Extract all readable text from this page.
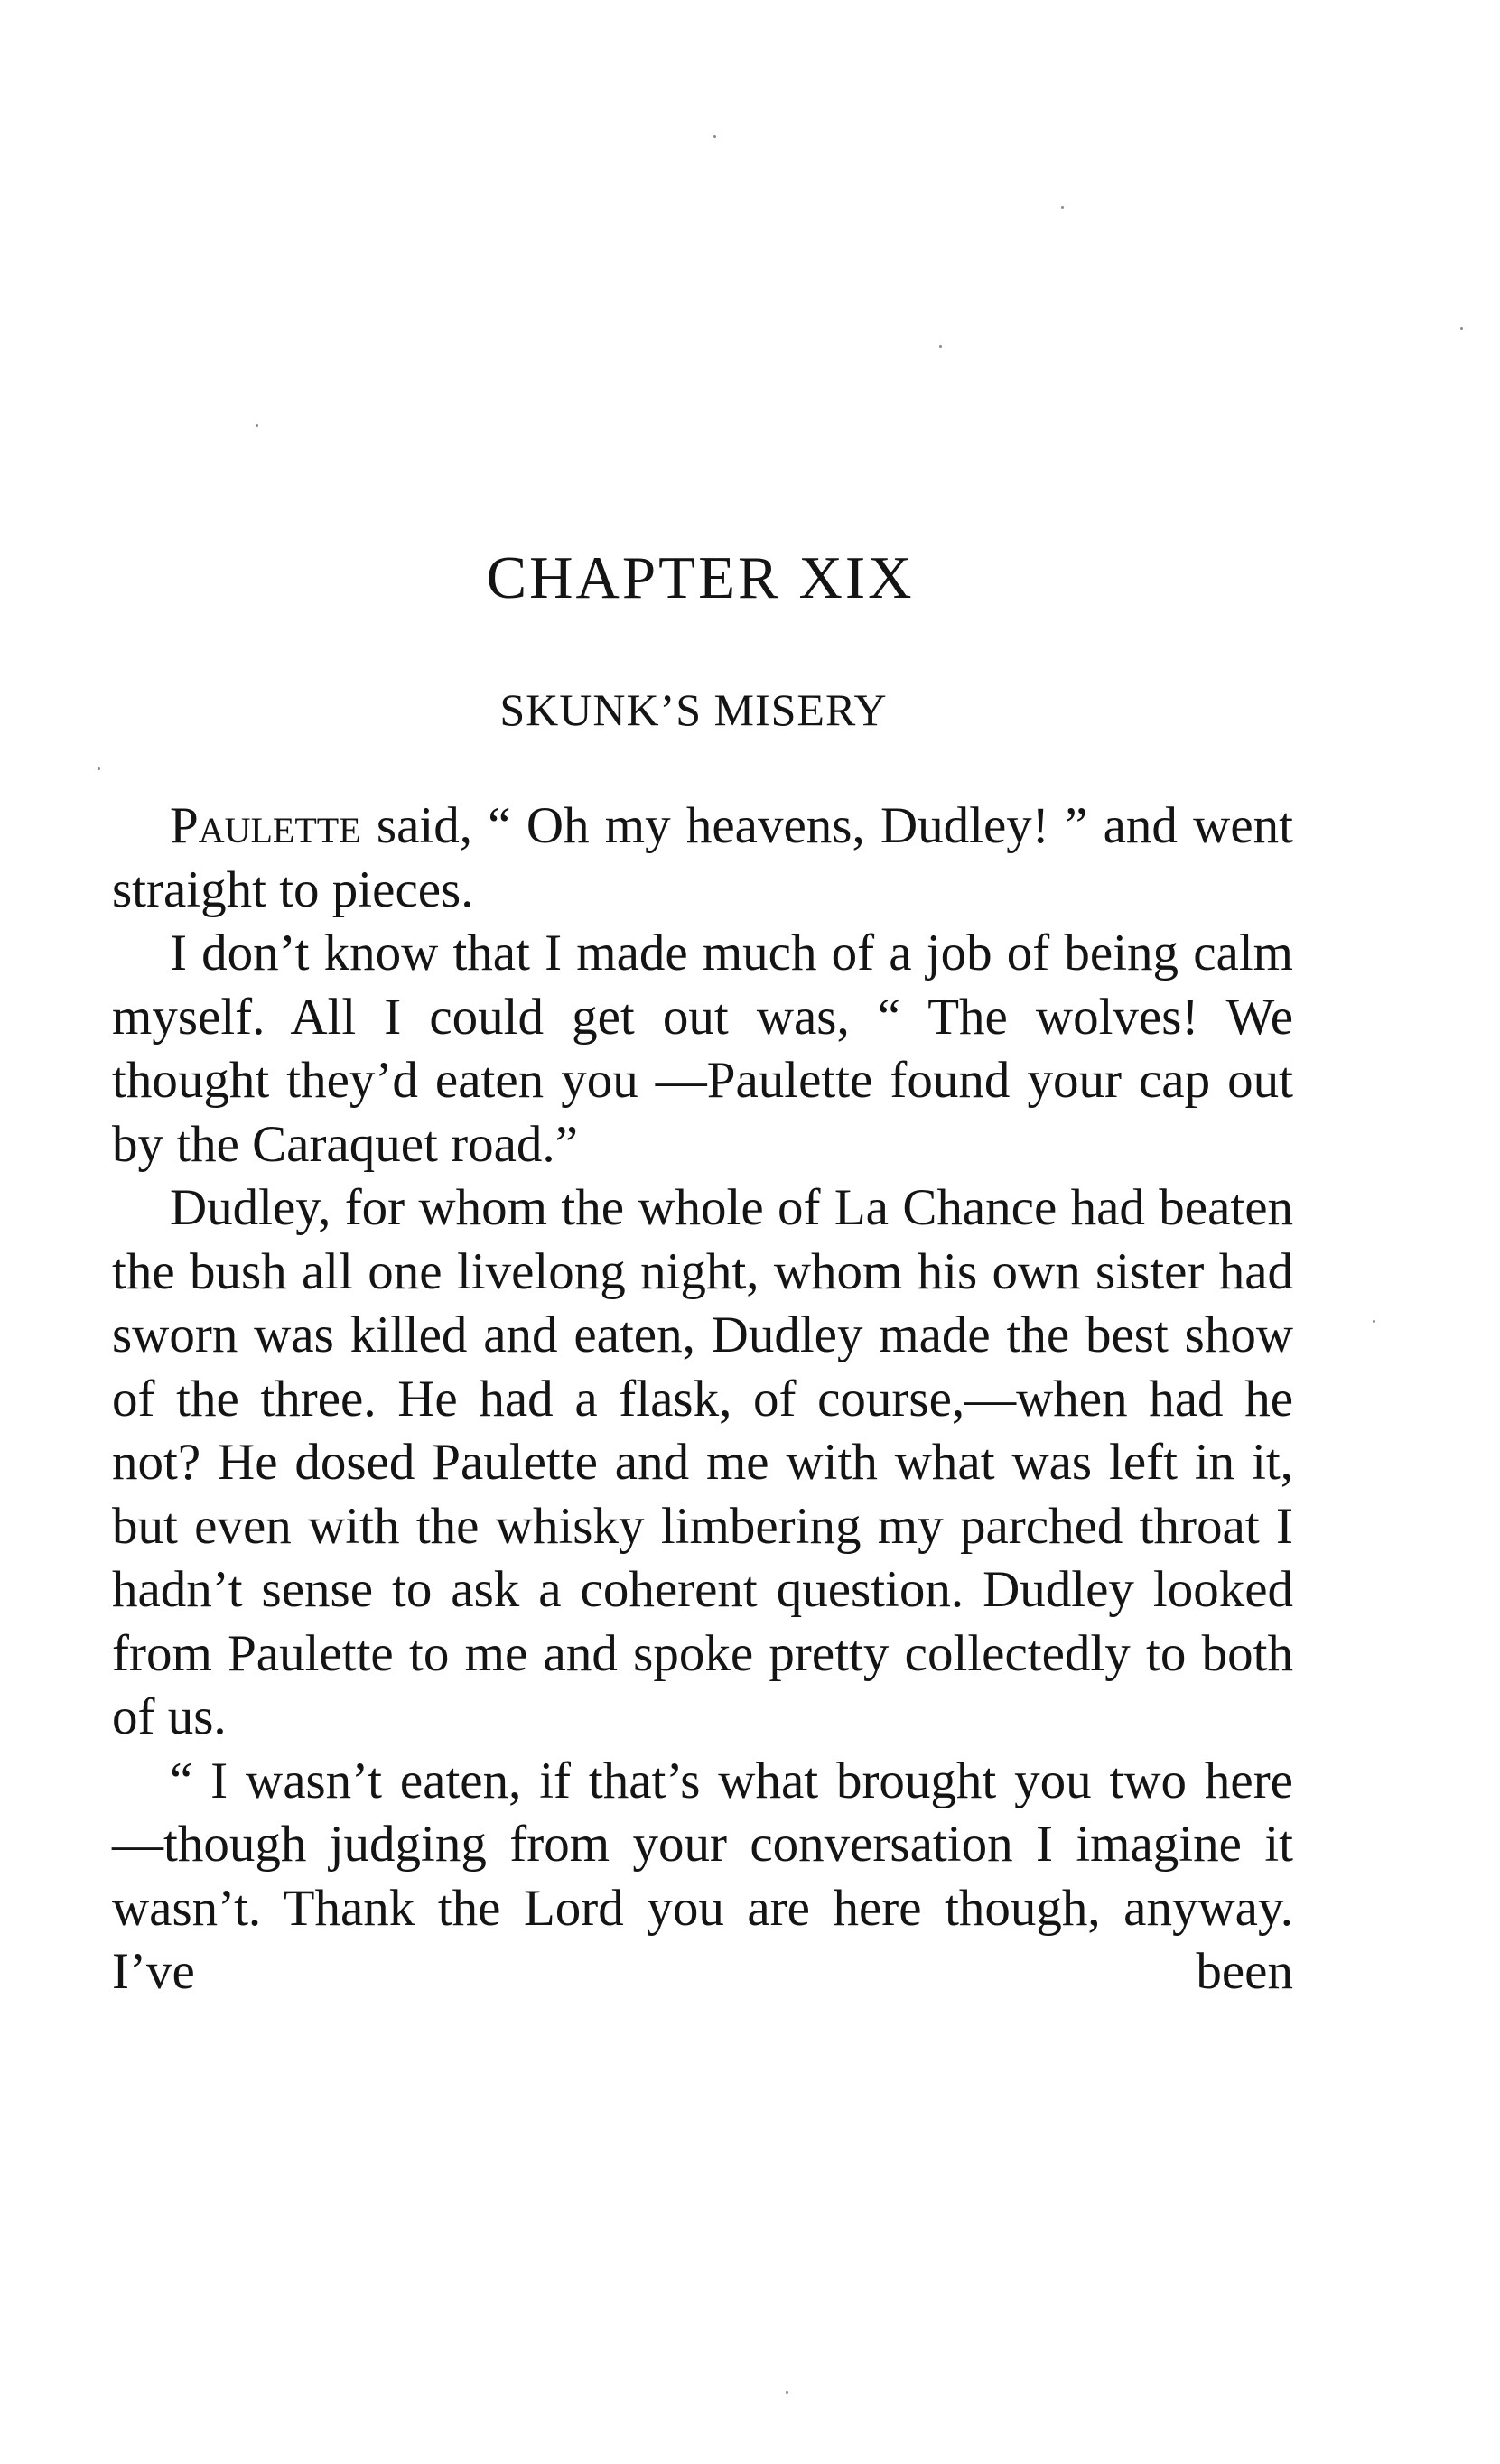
CHAPTER XIX
SKUNK’S MISERY

Paulette said, “ Oh my heavens, Dudley! ” and went straight to pieces.

I don’t know that I made much of a job of being calm myself. All I could get out was, “ The wolves! We thought they’d eaten you —Paulette found your cap out by the Caraquet road.”

Dudley, for whom the whole of La Chance had beaten the bush all one livelong night, whom his own sister had sworn was killed and eaten, Dudley made the best show of the three. He had a flask, of course,—when had he not? He dosed Paulette and me with what was left in it, but even with the whisky limbering my parched throat I hadn’t sense to ask a coherent question. Dudley looked from Paulette to me and spoke pretty collectedly to both of us.

“ I wasn’t eaten, if that’s what brought you two here—though judging from your conversation I imagine it wasn’t. Thank the Lord you are here though, anyway. I’ve been
